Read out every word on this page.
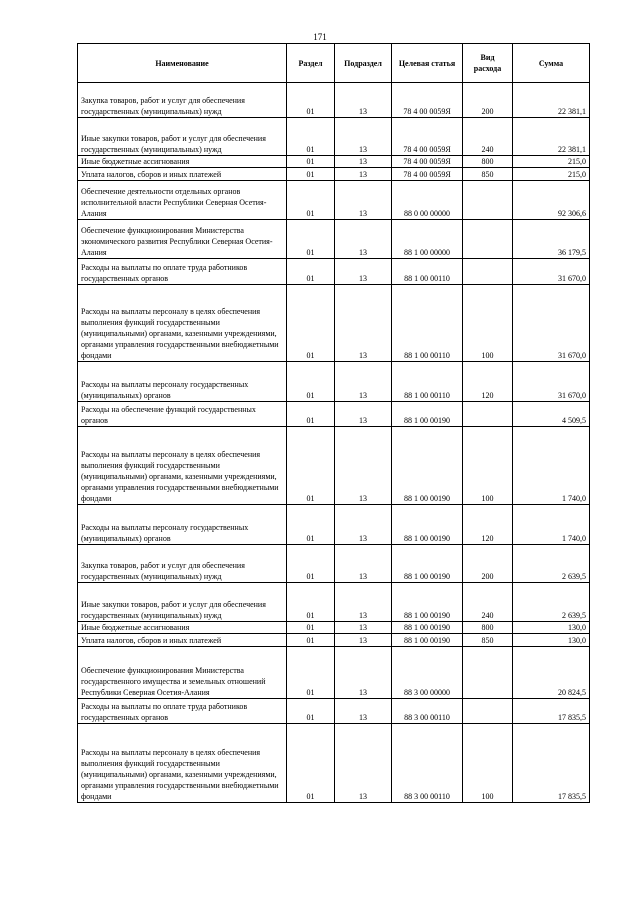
171
Наименование	Раздел	Подраздел	Целевая статья	Вид расхода	Сумма
Закупка товаров, работ и услуг для обеспечения государственных (муниципальных) нужд	01	13	78 4 00 0059Я	200	22 381,1
Иные закупки товаров, работ и услуг для обеспечения государственных (муниципальных) нужд	01	13	78 4 00 0059Я	240	22 381,1
Иные бюджетные ассигнования	01	13	78 4 00 0059Я	800	215,0
Уплата налогов, сборов и иных платежей	01	13	78 4 00 0059Я	850	215,0
Обеспечение деятельности отдельных органов исполнительной власти Республики Северная Осетия-Алания	01	13	88 0 00 00000		92 306,6
Обеспечение функционирования Министерства экономического развития Республики Северная Осетия-Алания	01	13	88 1 00 00000		36 179,5
Расходы на выплаты по оплате труда работников государственных органов	01	13	88 1 00 00110		31 670,0
Расходы на выплаты персоналу в целях обеспечения выполнения функций государственными (муниципальными) органами, казенными учреждениями, органами управления государственными внебюджетными фондами	01	13	88 1 00 00110	100	31 670,0
Расходы на выплаты персоналу государственных (муниципальных) органов	01	13	88 1 00 00110	120	31 670,0
Расходы на обеспечение функций государственных органов	01	13	88 1 00 00190		4 509,5
Расходы на выплаты персоналу в целях обеспечения выполнения функций государственными (муниципальными) органами, казенными учреждениями, органами управления государственными внебюджетными фондами	01	13	88 1 00 00190	100	1 740,0
Расходы на выплаты персоналу государственных (муниципальных) органов	01	13	88 1 00 00190	120	1 740,0
Закупка товаров, работ и услуг для обеспечения государственных (муниципальных) нужд	01	13	88 1 00 00190	200	2 639,5
Иные закупки товаров, работ и услуг для обеспечения государственных (муниципальных) нужд	01	13	88 1 00 00190	240	2 639,5
Иные бюджетные ассигнования	01	13	88 1 00 00190	800	130,0
Уплата налогов, сборов и иных платежей	01	13	88 1 00 00190	850	130,0
Обеспечение функционирования Министерства государственного имущества и земельных отношений Республики Северная Осетия-Алания	01	13	88 3 00 00000		20 824,5
Расходы на выплаты по оплате труда работников государственных органов	01	13	88 3 00 00110		17 835,5
Расходы на выплаты персоналу в целях обеспечения выполнения функций государственными (муниципальными) органами, казенными учреждениями, органами управления государственными внебюджетными фондами	01	13	88 3 00 00110	100	17 835,5
